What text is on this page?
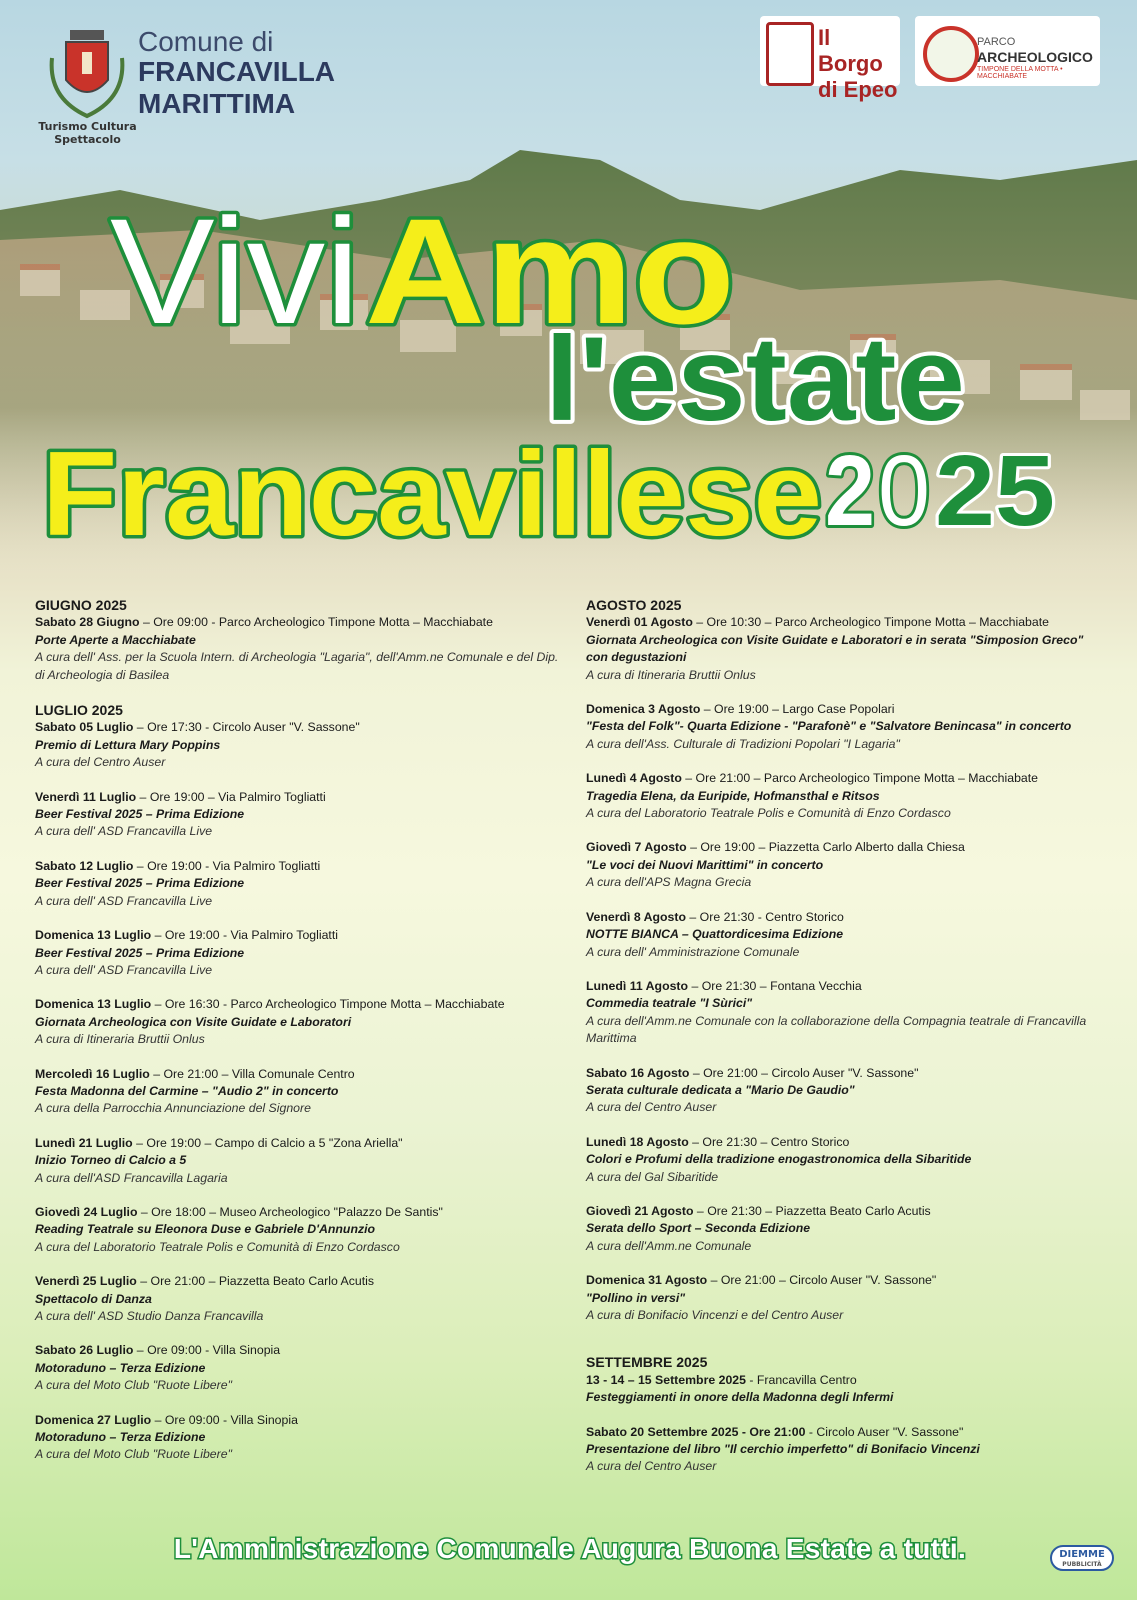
Turismo Cultura Spettacolo
Comune di
FRANCAVILLA
MARITTIMA
Il Borgo
di Epeo
PARCO
ARCHEOLOGICO
TIMPONE DELLA MOTTA • MACCHIABATE
Vivi Amo
l'estate
Francavillese 2 0 25
GIUGNO 2025
Sabato 28 Giugno – Ore 09:00 - Parco Archeologico Timpone Motta – Macchiabate
Porte Aperte a Macchiabate
A cura dell' Ass. per la Scuola Intern. di Archeologia "Lagaria", dell'Amm.ne Comunale e del Dip. di Archeologia di Basilea
LUGLIO 2025
Sabato 05 Luglio – Ore 17:30 - Circolo Auser "V. Sassone"
Premio di Lettura Mary Poppins
A cura del Centro Auser
Venerdì 11 Luglio – Ore 19:00 – Via Palmiro Togliatti
Beer Festival 2025 – Prima Edizione
A cura dell' ASD Francavilla Live
Sabato 12 Luglio – Ore 19:00 - Via Palmiro Togliatti
Beer Festival 2025 – Prima Edizione
A cura dell' ASD Francavilla Live
Domenica 13 Luglio – Ore 19:00 - Via Palmiro Togliatti
Beer Festival 2025 – Prima Edizione
A cura dell' ASD Francavilla Live
Domenica 13 Luglio – Ore 16:30 - Parco Archeologico Timpone Motta – Macchiabate
Giornata Archeologica con Visite Guidate e Laboratori
A cura di Itineraria Bruttii Onlus
Mercoledì 16 Luglio – Ore 21:00 – Villa Comunale Centro
Festa Madonna del Carmine – "Audio 2" in concerto
A cura della Parrocchia Annunciazione del Signore
Lunedì 21 Luglio – Ore 19:00 – Campo di Calcio a 5 "Zona Ariella"
Inizio Torneo di Calcio a 5
A cura dell'ASD Francavilla Lagaria
Giovedì 24 Luglio – Ore 18:00 – Museo Archeologico "Palazzo De Santis"
Reading Teatrale su Eleonora Duse e Gabriele D'Annunzio
A cura del Laboratorio Teatrale Polis e Comunità di Enzo Cordasco
Venerdì 25 Luglio – Ore 21:00 – Piazzetta Beato Carlo Acutis
Spettacolo di Danza
A cura dell' ASD Studio Danza Francavilla
Sabato 26 Luglio – Ore 09:00 - Villa Sinopia
Motoraduno – Terza Edizione
A cura del Moto Club "Ruote Libere"
Domenica 27 Luglio – Ore 09:00 - Villa Sinopia
Motoraduno – Terza Edizione
A cura del Moto Club "Ruote Libere"
AGOSTO 2025
Venerdì 01 Agosto – Ore 10:30 – Parco Archeologico Timpone Motta – Macchiabate
Giornata Archeologica con Visite Guidate e Laboratori e in serata "Simposion Greco" con degustazioni
A cura di Itineraria Bruttii Onlus
Domenica 3 Agosto – Ore 19:00 – Largo Case Popolari
"Festa del Folk"- Quarta Edizione - "Parafonè" e "Salvatore Benincasa" in concerto
A cura dell'Ass. Culturale di Tradizioni Popolari "I Lagaria"
Lunedì 4 Agosto – Ore 21:00 – Parco Archeologico Timpone Motta – Macchiabate
Tragedia Elena, da Euripide, Hofmansthal e Ritsos
A cura del Laboratorio Teatrale Polis e Comunità di Enzo Cordasco
Giovedì 7 Agosto – Ore 19:00 – Piazzetta Carlo Alberto dalla Chiesa
"Le voci dei Nuovi Marittimi" in concerto
A cura dell'APS Magna Grecia
Venerdì 8 Agosto – Ore 21:30 - Centro Storico
NOTTE BIANCA – Quattordicesima Edizione
A cura dell' Amministrazione Comunale
Lunedì 11 Agosto – Ore 21:30 – Fontana Vecchia
Commedia teatrale "I Sùrici"
A cura dell'Amm.ne Comunale con la collaborazione della Compagnia teatrale di Francavilla Marittima
Sabato 16 Agosto – Ore 21:00 – Circolo Auser "V. Sassone"
Serata culturale dedicata a "Mario De Gaudio"
A cura del Centro Auser
Lunedì 18 Agosto – Ore 21:30 – Centro Storico
Colori e Profumi della tradizione enogastronomica della Sibaritide
A cura del Gal Sibaritide
Giovedì 21 Agosto – Ore 21:30 – Piazzetta Beato Carlo Acutis
Serata dello Sport – Seconda Edizione
A cura dell'Amm.ne Comunale
Domenica 31 Agosto – Ore 21:00 – Circolo Auser "V. Sassone"
"Pollino in versi"
A cura di Bonifacio Vincenzi e del Centro Auser
SETTEMBRE 2025
13 - 14 – 15 Settembre 2025 - Francavilla Centro
Festeggiamenti in onore della Madonna degli Infermi
Sabato 20 Settembre 2025 - Ore 21:00 - Circolo Auser "V. Sassone"
Presentazione del libro "Il cerchio imperfetto" di Bonifacio Vincenzi
A cura del Centro Auser
L'Amministrazione Comunale Augura Buona Estate a tutti.	DIEMME
PUBBLICITÀ
